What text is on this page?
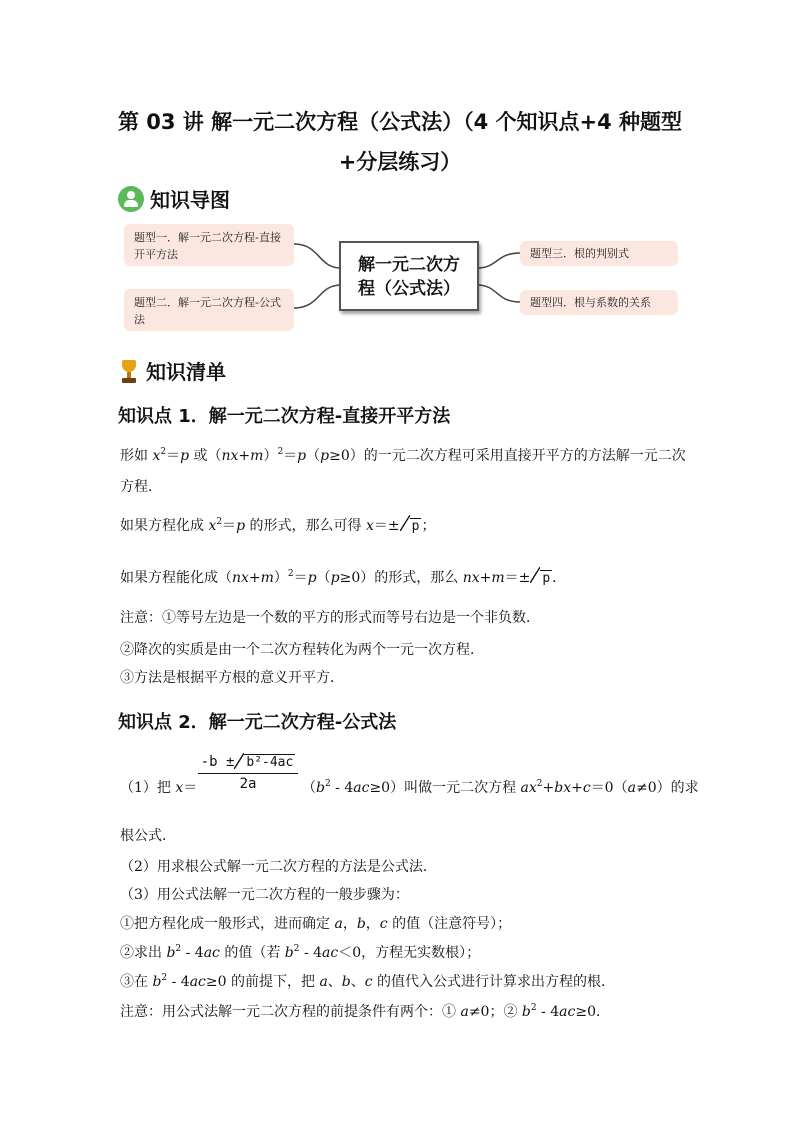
第 03 讲 解一元二次方程（公式法）（4 个知识点+4 种题型
+分层练习）
知识导图
题型一．解一元二次方程-直接开平方法
题型二．解一元二次方程-公式法
题型三．根的判别式
题型四．根与系数的关系
解一元二次方
程（公式法）
知识清单
知识点 1．解一元二次方程-直接开平方法
形如 $x^2=p$ 或$(nx+m)^2=p(p\ge 0)$的一元二次方程可采用直接开平方的方法解一元二次
方程．
如果方程化成 $x^2=p$ 的形式，那么可得 x＝± p ；
如果方程能化成$(nx+m)^2=p(p\ge 0)$的形式，那么 nx+m＝± p ．
注意：①等号左边是一个数的平方的形式而等号右边是一个非负数．
②降次的实质是由一个二次方程转化为两个一元一次方程．
③方法是根据平方根的意义开平方．
知识点 2．解一元二次方程-公式法
$\frac{\text{-b ± b²-4ac}}{2a}$
（1）把 x＝	$(b^2 - 4ac\ge 0)$叫做一元二次方程 $ax^2+bx+c=0(a\ne 0)$的求
根公式．
（2）用求根公式解一元二次方程的方法是公式法．
（3）用公式法解一元二次方程的一般步骤为：
①把方程化成一般形式，进而确定 a，b，c 的值（注意符号）；
②求出 $b^2 - 4ac$ 的值（若 $b^2 - 4ac<0$，方程无实数根）；
③在 $b^2 - 4ac\ge 0$ 的前提下，把 a、b、c 的值代入公式进行计算求出方程的根．
注意：用公式法解一元二次方程的前提条件有两个：① a≠0；② $b^2 - 4ac\ge 0$．
